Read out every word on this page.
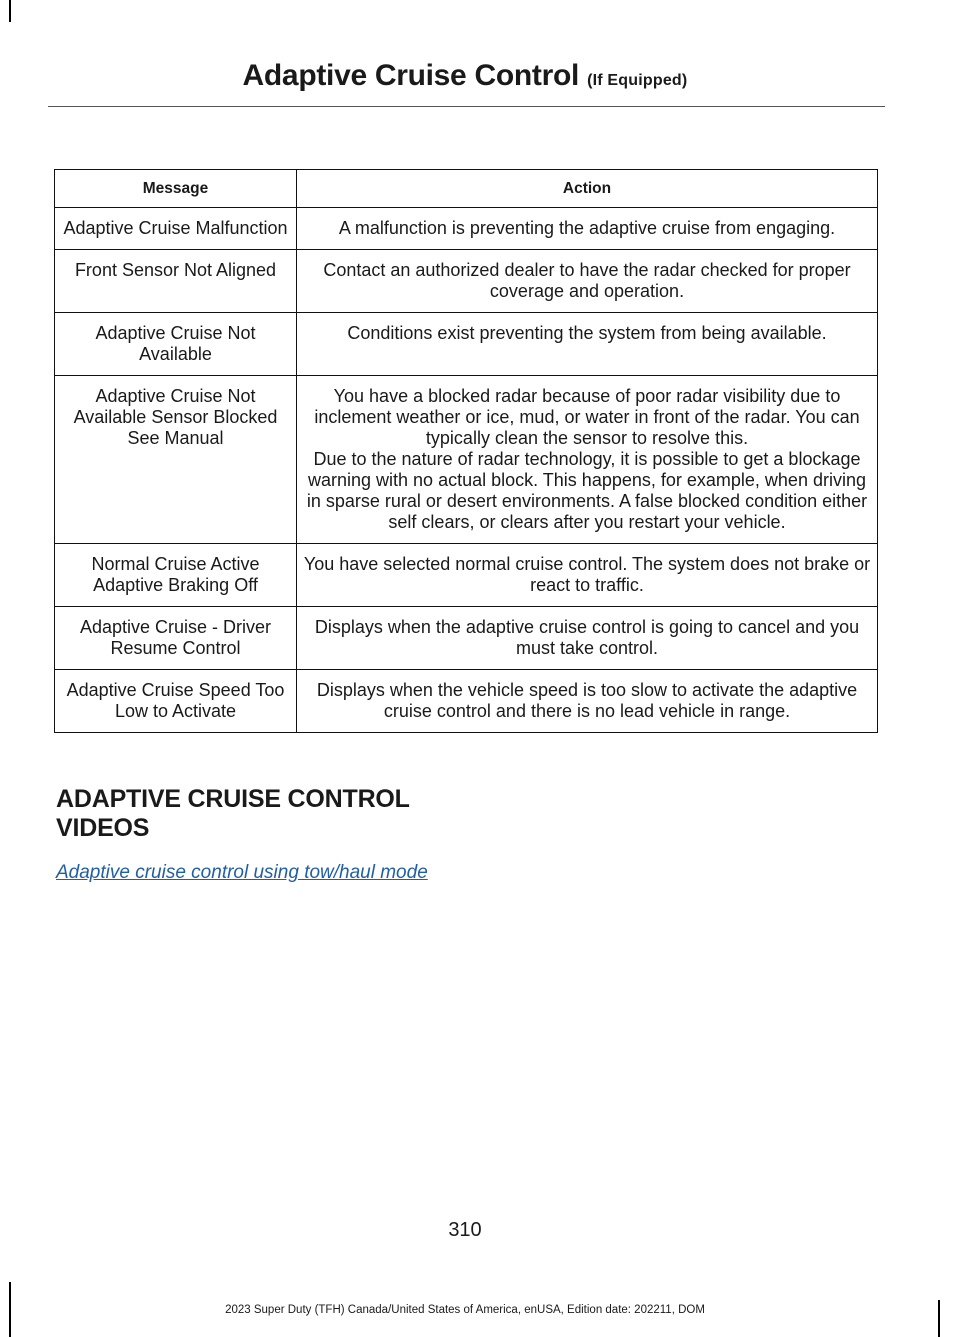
Adaptive Cruise Control (If Equipped)
Message	Action
Adaptive Cruise Malfunction	A malfunction is preventing the adaptive cruise from engaging.

Front Sensor Not Aligned	Contact an authorized dealer to have the radar checked for proper coverage and operation.

Adaptive Cruise Not Available	Conditions exist preventing the system from being available.

Adaptive Cruise Not Available Sensor Blocked See Manual	You have a blocked radar because of poor radar visibility due to inclement weather or ice, mud, or water in front of the radar. You can typically clean the sensor to resolve this.
Due to the nature of radar technology, it is possible to get a blockage warning with no actual block. This happens, for example, when driving in sparse rural or desert environments. A false blocked condition either self clears, or clears after you restart your vehicle.

Normal Cruise Active Adaptive Braking Off	You have selected normal cruise control. The system does not brake or react to traffic.

Adaptive Cruise - Driver Resume Control	Displays when the adaptive cruise control is going to cancel and you must take control.

Adaptive Cruise Speed Too Low to Activate	Displays when the vehicle speed is too slow to activate the adaptive cruise control and there is no lead vehicle in range.
ADAPTIVE CRUISE CONTROL
VIDEOS
Adaptive cruise control using tow/haul mode
310
2023 Super Duty (TFH) Canada/United States of America, enUSA, Edition date: 202211, DOM
